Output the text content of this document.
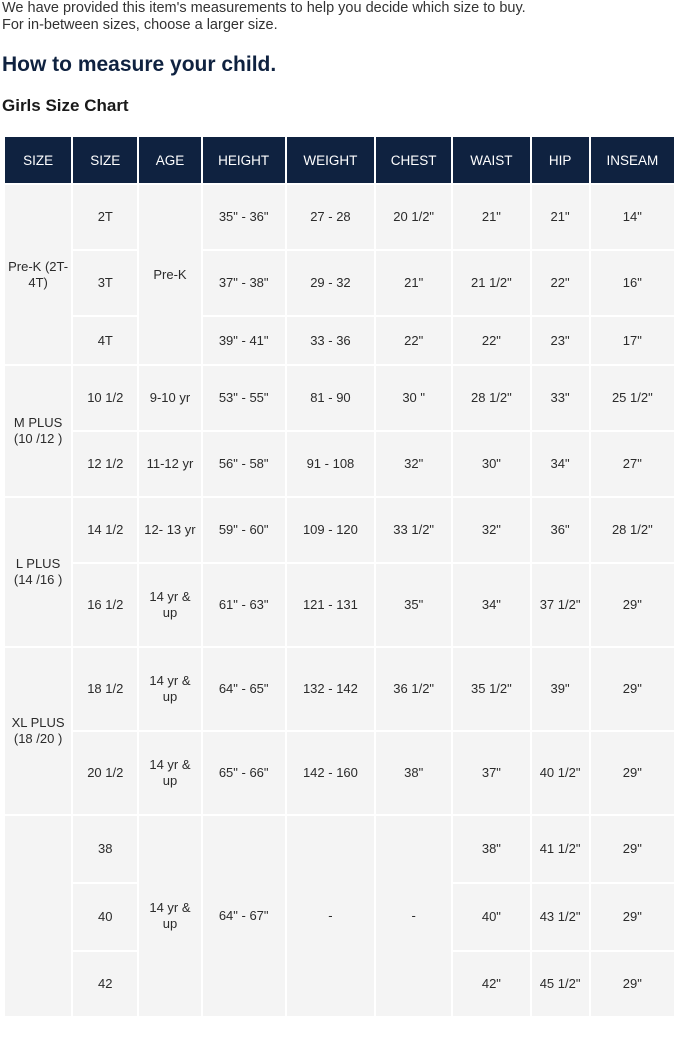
We have provided this item's measurements to help you decide which size to buy.
For in-between sizes, choose a larger size.
How to measure your child.
Girls Size Chart
SIZE	SIZE	AGE	HEIGHT	WEIGHT	CHEST	WAIST	HIP	INSEAM
Pre-K (2T-4T)	2T	Pre-K	35" - 36"	27 - 28	20 1/2"	21"	21"	14"
	3T		37" - 38"	29 - 32	21"	21 1/2"	22"	16"
	4T		39" - 41"	33 - 36	22"	22"	23"	17"
M PLUS (10 /12 )	10 1/2	9-10 yr	53" - 55"	81 - 90	30 "	28 1/2"	33"	25 1/2"
	12 1/2	11-12 yr	56" - 58"	91 - 108	32"	30"	34"	27"
L PLUS (14 /16 )	14 1/2	12- 13 yr	59" - 60"	109 - 120	33 1/2"	32"	36"	28 1/2"
	16 1/2	14 yr & up	61" - 63"	121 - 131	35"	34"	37 1/2"	29"
XL PLUS (18 /20 )	18 1/2	14 yr & up	64" - 65"	132 - 142	36 1/2"	35 1/2"	39"	29"
	20 1/2	14 yr & up	65" - 66"	142 - 160	38"	37"	40 1/2"	29"
	38	14 yr & up	64" - 67"	-	-	38"	41 1/2"	29"
	40					40"	43 1/2"	29"
	42					42"	45 1/2"	29"
